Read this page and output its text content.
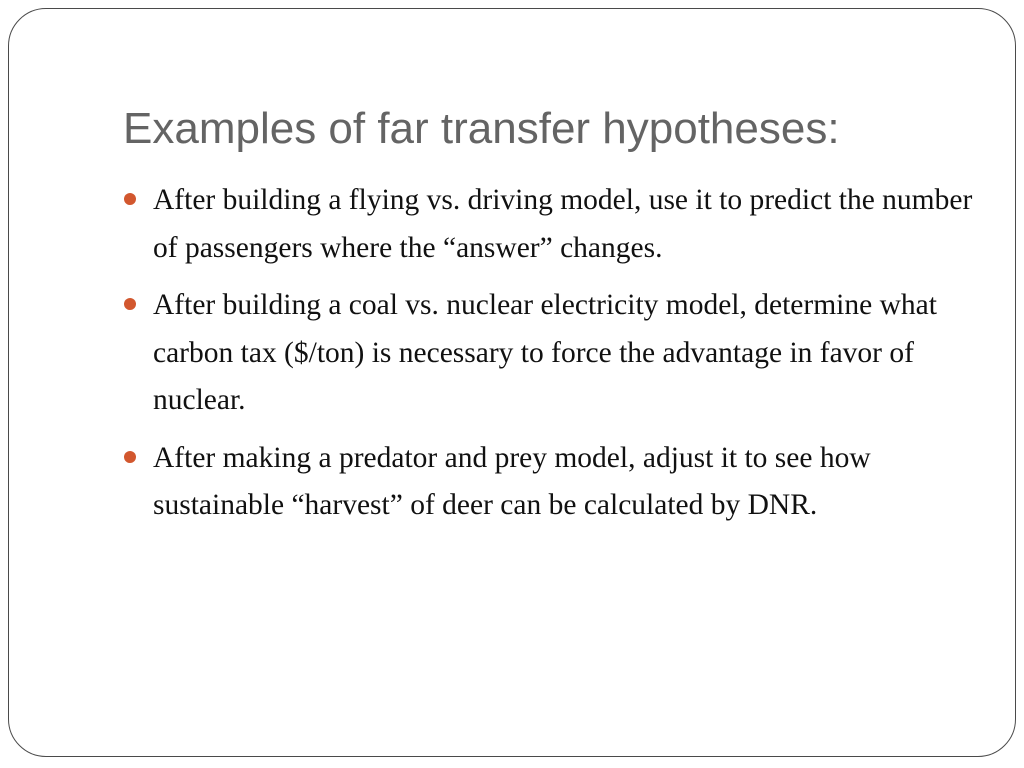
Examples of far transfer hypotheses:
After building a flying vs. driving model, use it to predict the number of passengers where the “answer” changes.
After building a coal vs. nuclear electricity model, determine what carbon tax ($/ton) is necessary to force the advantage in favor of nuclear.
After making a predator and prey model, adjust it to see how sustainable “harvest” of deer can be calculated by DNR.
